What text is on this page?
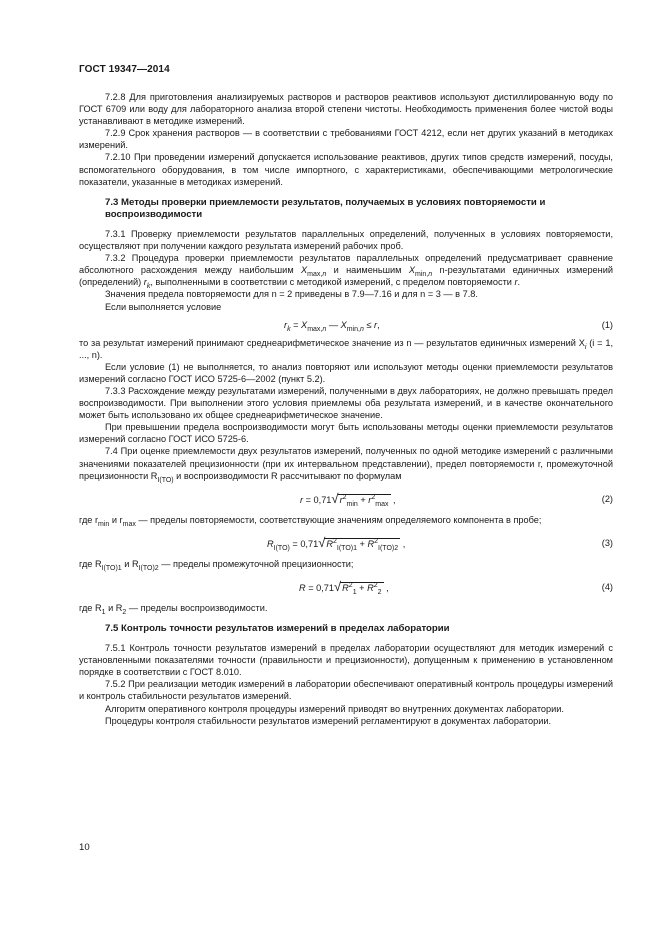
ГОСТ 19347—2014

7.2.8 Для приготовления анализируемых растворов и растворов реактивов используют дистиллированную воду по ГОСТ 6709 или воду для лабораторного анализа второй степени чистоты. Необходимость применения более чистой воды устанавливают в методике измерений.

7.2.9 Срок хранения растворов — в соответствии с требованиями ГОСТ 4212, если нет других указаний в методиках измерений.

7.2.10 При проведении измерений допускается использование реактивов, других типов средств измерений, посуды, вспомогательного оборудования, в том числе импортного, с характеристиками, обеспечивающими метрологические показатели, указанные в методиках измерений.

7.3 Методы проверки приемлемости результатов, получаемых в условиях повторяемости и воспроизводимости

7.3.1 Проверку приемлемости результатов параллельных определений, полученных в условиях повторяемости, осуществляют при получении каждого результата измерений рабочих проб.

7.3.2 Процедура проверки приемлемости результатов параллельных определений предусматривает сравнение абсолютного расхождения между наибольшим $X_{max,n}$ и наименьшим $X_{min,n}$ n-результатами единичных измерений (определений) $r_k$, выполненными в соответствии с методикой измерений, с пределом повторяемости r.

Значения предела повторяемости для n = 2 приведены в 7.9—7.16 и для n = 3 — в 7.8.

Если выполняется условие

$r_k = X_{max,n}$ — $X_{min,n} \le r$,	(1)

то за результат измерений принимают среднеарифметическое значение из n — результатов единичных измерений $X_i$ (i = 1, ..., n).

Если условие (1) не выполняется, то анализ повторяют или используют методы оценки приемлемости результатов измерений согласно ГОСТ ИСО 5725-6—2002 (пункт 5.2).

7.3.3 Расхождение между результатами измерений, полученными в двух лабораториях, не должно превышать предел воспроизводимости. При выполнении этого условия приемлемы оба результата измерений, и в качестве окончательного может быть использовано их общее среднеарифметическое значение.

При превышении предела воспроизводимости могут быть использованы методы оценки приемлемости результатов измерений согласно ГОСТ ИСО 5725-6.

7.4 При оценке приемлемости двух результатов измерений, полученных по одной методике измерений с различными значениями показателей прецизионности (при их интервальном представлении), предел повторяемости r, промежуточной прецизионности $R_{I(TO)}$ и воспроизводимости R рассчитывают по формулам

$r = 0,71√r^2_{min} + r^2_{max}$ ,	(2)

где $r_{min}$ и $r_{max}$ — пределы повторяемости, соответствующие значениям определяемого компонента в пробе;

$R_{I(TO)} = 0,71√R^2_{I(TO)1} + R^2_{I(TO)2}$ ,	(3)

где $R_{I(TO)1}$ и $R_{I(TO)2}$ — пределы промежуточной прецизионности;

$R = 0,71√R^2_1 + R^2_2$ ,	(4)

где $R_1$ и $R_2$ — пределы воспроизводимости.

7.5 Контроль точности результатов измерений в пределах лаборатории

7.5.1 Контроль точности результатов измерений в пределах лаборатории осуществляют для методик измерений с установленными показателями точности (правильности и прецизионности), допущенным к применению в установленном порядке в соответствии с ГОСТ 8.010.

7.5.2 При реализации методик измерений в лаборатории обеспечивают оперативный контроль процедуры измерений и контроль стабильности результатов измерений.

Алгоритм оперативного контроля процедуры измерений приводят во внутренних документах лаборатории.

Процедуры контроля стабильности результатов измерений регламентируют в документах лаборатории.

10
